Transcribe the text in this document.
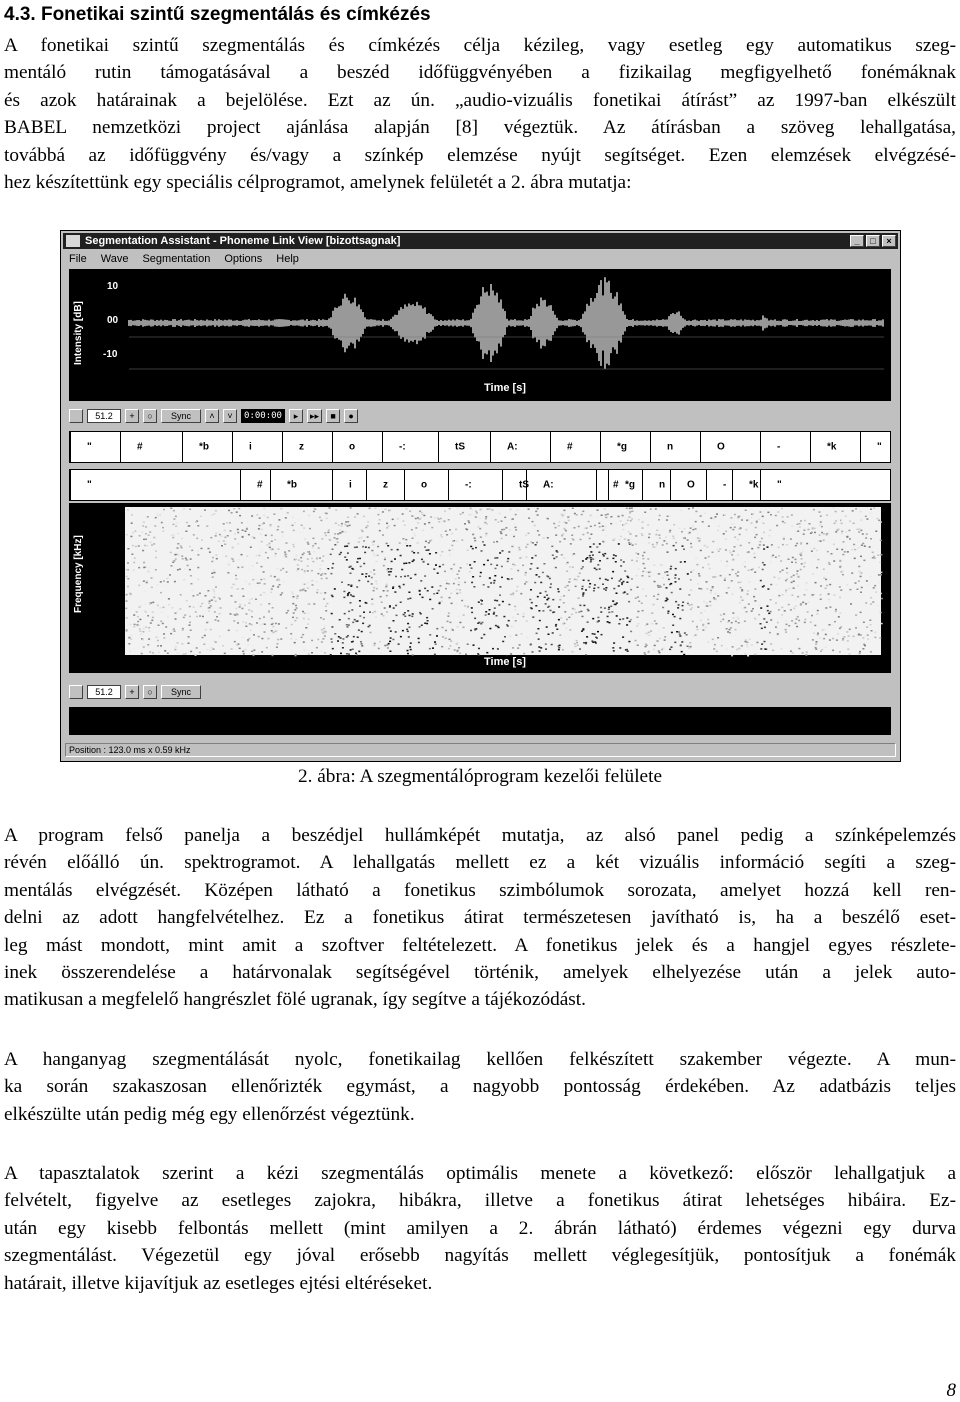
4.3. Fonetikai szintű szegmentálás és címkézés
A fonetikai szintű szegmentálás és címkézés célja kézileg, vagy esetleg egy automatikus szeg-
mentáló rutin támogatásával a beszéd időfüggvényében a fizikailag megfigyelhető fonémáknak
és azok határainak a bejelölése. Ezt az ún. „audio-vizuális fonetikai átírást” az 1997-ban elkészült
BABEL nemzetközi project ajánlása alapján [8] végeztük. Az átírásban a szöveg lehallgatása,
továbbá az időfüggvény és/vagy a színkép elemzése nyújt segítséget. Ezen elemzések elvégzésé-
hez készítettünk egy speciális célprogramot, amelynek felületét a 2. ábra mutatja:
Segmentation Assistant - Phoneme Link View [bizottsagnak]	_	□	×
File Wave Segmentation Options Help
Intensity [dB]
10
00
-10
Time [s]
51.2	+	○	Sync	˄	˅	0:00:00	▸	▸▸	■	●
"	#	*b	i	z	o	-:	tS	A:	#	*g	n	O	-	*k	"
"	# *b	i	z	o	-:	tS A:	# *g n O	- *k "
Frequency [kHz]
Time [s]
51.2	+	○	Sync
Position : 123.0 ms x 0.59 kHz
2. ábra: A szegmentálóprogram kezelői felülete
A program felső panelja a beszédjel hullámképét mutatja, az alsó panel pedig a színképelemzés
révén előálló ún. spektrogramot. A lehallgatás mellett ez a két vizuális információ segíti a szeg-
mentálás elvégzését. Középen látható a fonetikus szimbólumok sorozata, amelyet hozzá kell ren-
delni az adott hangfelvételhez. Ez a fonetikus átirat természetesen javítható is, ha a beszélő eset-
leg mást mondott, mint amit a szoftver feltételezett. A fonetikus jelek és a hangjel egyes részlete-
inek összerendelése a határvonalak segítségével történik, amelyek elhelyezése után a jelek auto-
matikusan a megfelelő hangrészlet fölé ugranak, így segítve a tájékozódást.
A hanganyag szegmentálását nyolc, fonetikailag kellően felkészített szakember végezte. A mun-
ka során szakaszosan ellenőrizték egymást, a nagyobb pontosság érdekében. Az adatbázis teljes
elkészülte után pedig még egy ellenőrzést végeztünk.
A tapasztalatok szerint a kézi szegmentálás optimális menete a következő: először lehallgatjuk a
felvételt, figyelve az esetleges zajokra, hibákra, illetve a fonetikus átirat lehetséges hibáira. Ez-
után egy kisebb felbontás mellett (mint amilyen a 2. ábrán látható) érdemes végezni egy durva
szegmentálást. Végezetül egy jóval erősebb nagyítás mellett véglegesítjük, pontosítjuk a fonémák
határait, illetve kijavítjuk az esetleges ejtési eltéréseket.
8
